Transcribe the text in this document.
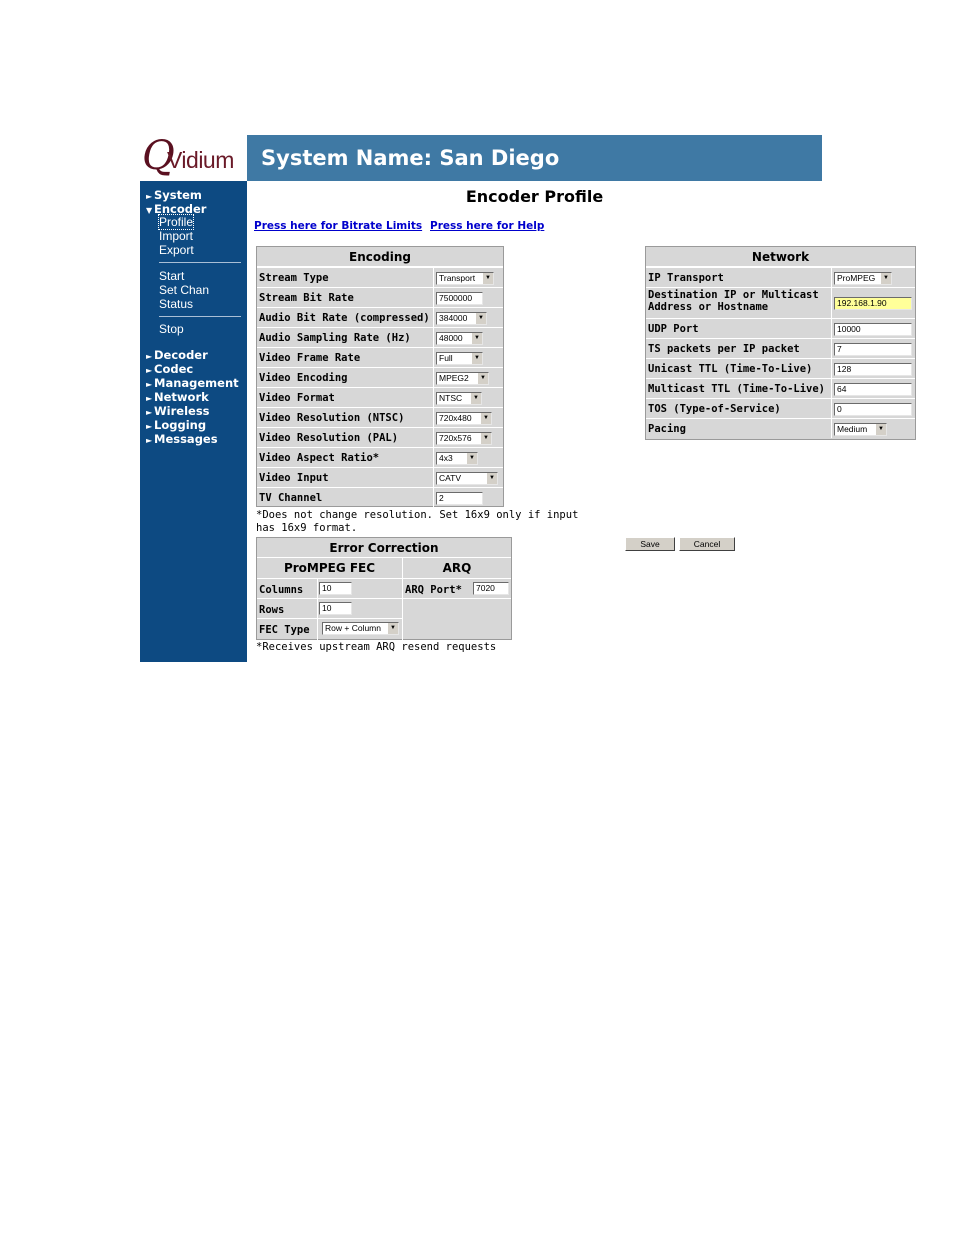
Q
Vidium System Name: San Diego
► System
▼ Encoder
Profile
Import
Export
Start
Set Chan
Status
Stop
► Decoder
► Codec
► Management
► Network
► Wireless
► Logging
► Messages
Encoder Profile
Press here for Bitrate Limits Press here for Help
Encoding
Stream Type	Transport	▼
Stream Bit Rate	7500000
Audio Bit Rate (compressed)	384000	▼
Audio Sampling Rate (Hz)	48000	▼
Video Frame Rate	Full	▼
Video Encoding	MPEG2	▼
Video Format	NTSC	▼
Video Resolution (NTSC)	720x480	▼
Video Resolution (PAL)	720x576	▼
Video Aspect Ratio*	4x3	▼
Video Input	CATV	▼
TV Channel	2
*Does not change resolution. Set 16x9 only if input
has 16x9 format.
Network
IP Transport	ProMPEG	▼
Destination IP or Multicast
Address or Hostname	192.168.1.90
UDP Port	10000
TS packets per IP packet	7
Unicast TTL (Time-To-Live)	128
Multicast TTL (Time-To-Live)	64
TOS (Type-of-Service)	0
Pacing	Medium	▼
Save	Cancel
Error Correction
ProMPEG FEC	ARQ
Columns	10
Rows	10
FEC Type	Row + Column	▼
ARQ Port*	7020
*Receives upstream ARQ resend requests
